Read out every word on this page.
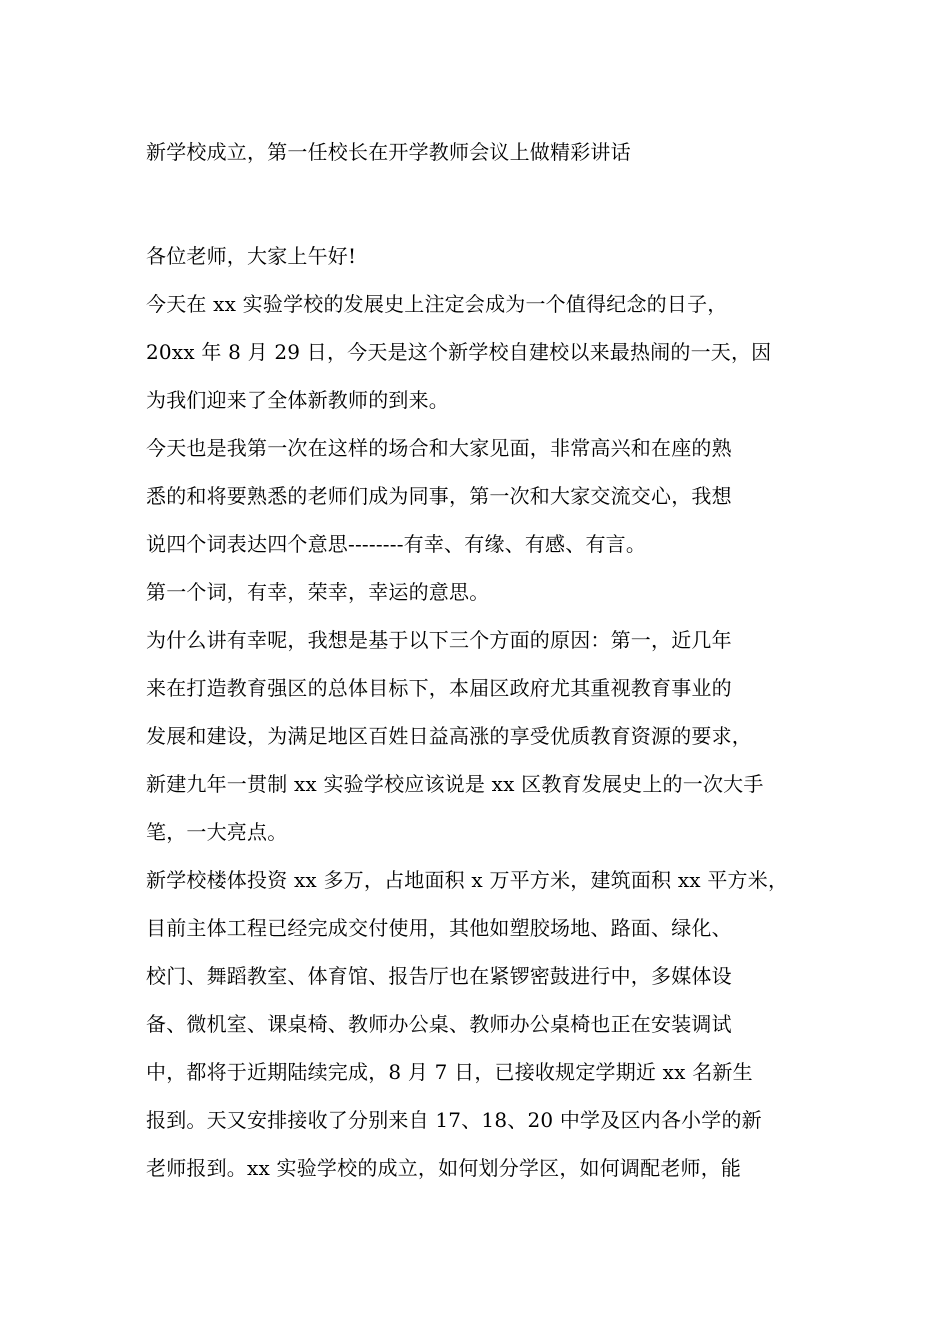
新学校成立，第一任校长在开学教师会议上做精彩讲话

各位老师，大家上午好!

今天在 xx 实验学校的发展史上注定会成为一个值得纪念的日子，

20xx 年 8 月 29 日，今天是这个新学校自建校以来最热闹的一天，因

为我们迎来了全体新教师的到来。

今天也是我第一次在这样的场合和大家见面，非常高兴和在座的熟

悉的和将要熟悉的老师们成为同事，第一次和大家交流交心，我想

说四个词表达四个意思--------有幸、有缘、有感、有言。

第一个词，有幸，荣幸，幸运的意思。

为什么讲有幸呢，我想是基于以下三个方面的原因：第一，近几年

来在打造教育强区的总体目标下，本届区政府尤其重视教育事业的

发展和建设，为满足地区百姓日益高涨的享受优质教育资源的要求，

新建九年一贯制 xx 实验学校应该说是 xx 区教育发展史上的一次大手

笔，一大亮点。

新学校楼体投资 xx 多万，占地面积 x 万平方米，建筑面积 xx 平方米，

目前主体工程已经完成交付使用，其他如塑胶场地、路面、绿化、

校门、舞蹈教室、体育馆、报告厅也在紧锣密鼓进行中，多媒体设

备、微机室、课桌椅、教师办公桌、教师办公桌椅也正在安装调试

中，都将于近期陆续完成，8 月 7 日，已接收规定学期近 xx 名新生

报到。天又安排接收了分别来自 17、18、20 中学及区内各小学的新

老师报到。xx 实验学校的成立，如何划分学区，如何调配老师，能
